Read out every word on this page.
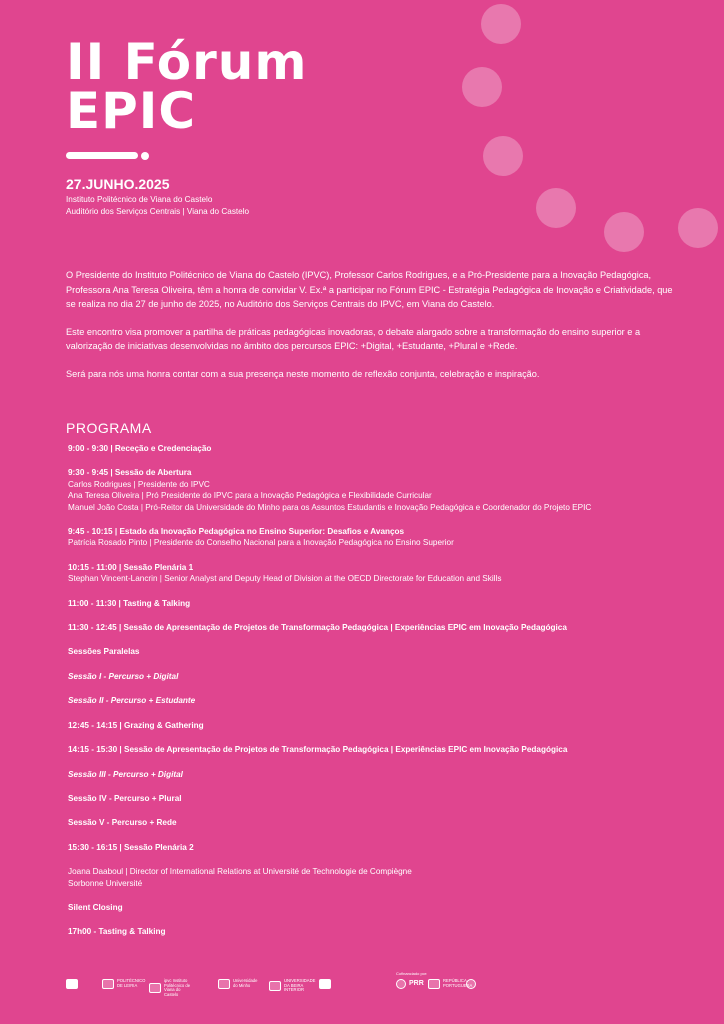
II Fórum
EPIC
27.JUNHO.2025
Instituto Politécnico de Viana do Castelo
Auditório dos Serviços Centrais | Viana do Castelo

O Presidente do Instituto Politécnico de Viana do Castelo (IPVC), Professor Carlos Rodrigues, e a Pró-Presidente para a Inovação Pedagógica, Professora Ana Teresa Oliveira, têm a honra de convidar V. Ex.ª a participar no Fórum EPIC - Estratégia Pedagógica de Inovação e Criatividade, que se realiza no dia 27 de junho de 2025, no Auditório dos Serviços Centrais do IPVC, em Viana do Castelo.

Este encontro visa promover a partilha de práticas pedagógicas inovadoras, o debate alargado sobre a transformação do ensino superior e a valorização de iniciativas desenvolvidas no âmbito dos percursos EPIC: +Digital, +Estudante, +Plural e +Rede.

Será para nós uma honra contar com a sua presença neste momento de reflexão conjunta, celebração e inspiração.

PROGRAMA
9:00 - 9:30 | Receção e Credenciação
9:30 - 9:45 | Sessão de Abertura
Carlos Rodrigues | Presidente do IPVC
Ana Teresa Oliveira | Pró Presidente do IPVC para a Inovação Pedagógica e Flexibilidade Curricular
Manuel João Costa | Pró-Reitor da Universidade do Minho para os Assuntos Estudantis e Inovação Pedagógica e Coordenador do Projeto EPIC
9:45 - 10:15 | Estado da Inovação Pedagógica no Ensino Superior: Desafios e Avanços
Patrícia Rosado Pinto | Presidente do Conselho Nacional para a Inovação Pedagógica no Ensino Superior
10:15 - 11:00 | Sessão Plenária 1
Stephan Vincent-Lancrin | Senior Analyst and Deputy Head of Division at the OECD Directorate for Education and Skills
11:00 - 11:30 | Tasting & Talking
11:30 - 12:45 | Sessão de Apresentação de Projetos de Transformação Pedagógica | Experiências EPIC em Inovação Pedagógica
Sessões Paralelas
Sessão I - Percurso + Digital
Sessão II - Percurso + Estudante
12:45 - 14:15 | Grazing & Gathering
14:15 - 15:30 | Sessão de Apresentação de Projetos de Transformação Pedagógica | Experiências EPIC em Inovação Pedagógica
Sessão III - Percurso + Digital
Sessão IV - Percurso + Plural
Sessão V - Percurso + Rede
15:30 - 16:15 | Sessão Plenária 2
Joana Daaboul | Director of International Relations at Université de Technologie de Compiègne
Sorbonne Université
Silent Closing
17h00 - Tasting & Talking
Cofinanciado por:
POLITÉCNICO DE LEIRIA
ipvc Instituto Politécnico de Viana do Castelo
Universidade do Minho
UNIVERSIDADE DA BEIRA INTERIOR
PRR	REPÚBLICA PORTUGUESA
